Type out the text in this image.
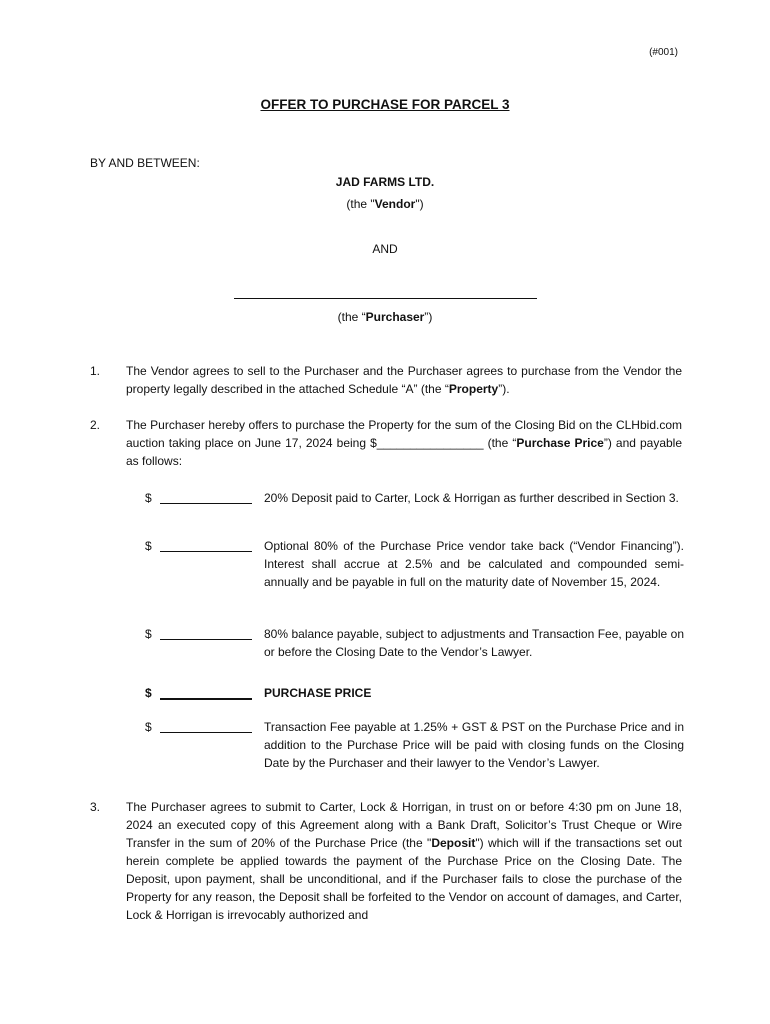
(#001)
OFFER TO PURCHASE FOR PARCEL 3
BY AND BETWEEN:
JAD FARMS LTD.
(the "Vendor")
AND
(the “Purchaser”)
1. The Vendor agrees to sell to the Purchaser and the Purchaser agrees to purchase from the Vendor the property legally described in the attached Schedule “A” (the “Property”).
2. The Purchaser hereby offers to purchase the Property for the sum of the Closing Bid on the CLHbid.com auction taking place on June 17, 2024 being $________________ (the “Purchase Price”) and payable as follows:
$	20% Deposit paid to Carter, Lock & Horrigan as further described in Section 3.
$	Optional 80% of the Purchase Price vendor take back (“Vendor Financing”). Interest shall accrue at 2.5% and be calculated and compounded semi-annually and be payable in full on the maturity date of November 15, 2024.
$	80% balance payable, subject to adjustments and Transaction Fee, payable on or before the Closing Date to the Vendor’s Lawyer.
$	PURCHASE PRICE
$	Transaction Fee payable at 1.25% + GST & PST on the Purchase Price and in addition to the Purchase Price will be paid with closing funds on the Closing Date by the Purchaser and their lawyer to the Vendor’s Lawyer.
3. The Purchaser agrees to submit to Carter, Lock & Horrigan, in trust on or before 4:30 pm on June 18, 2024 an executed copy of this Agreement along with a Bank Draft, Solicitor’s Trust Cheque or Wire Transfer in the sum of 20% of the Purchase Price (the "Deposit") which will if the transactions set out herein complete be applied towards the payment of the Purchase Price on the Closing Date. The Deposit, upon payment, shall be unconditional, and if the Purchaser fails to close the purchase of the Property for any reason, the Deposit shall be forfeited to the Vendor on account of damages, and Carter, Lock & Horrigan is irrevocably authorized and
